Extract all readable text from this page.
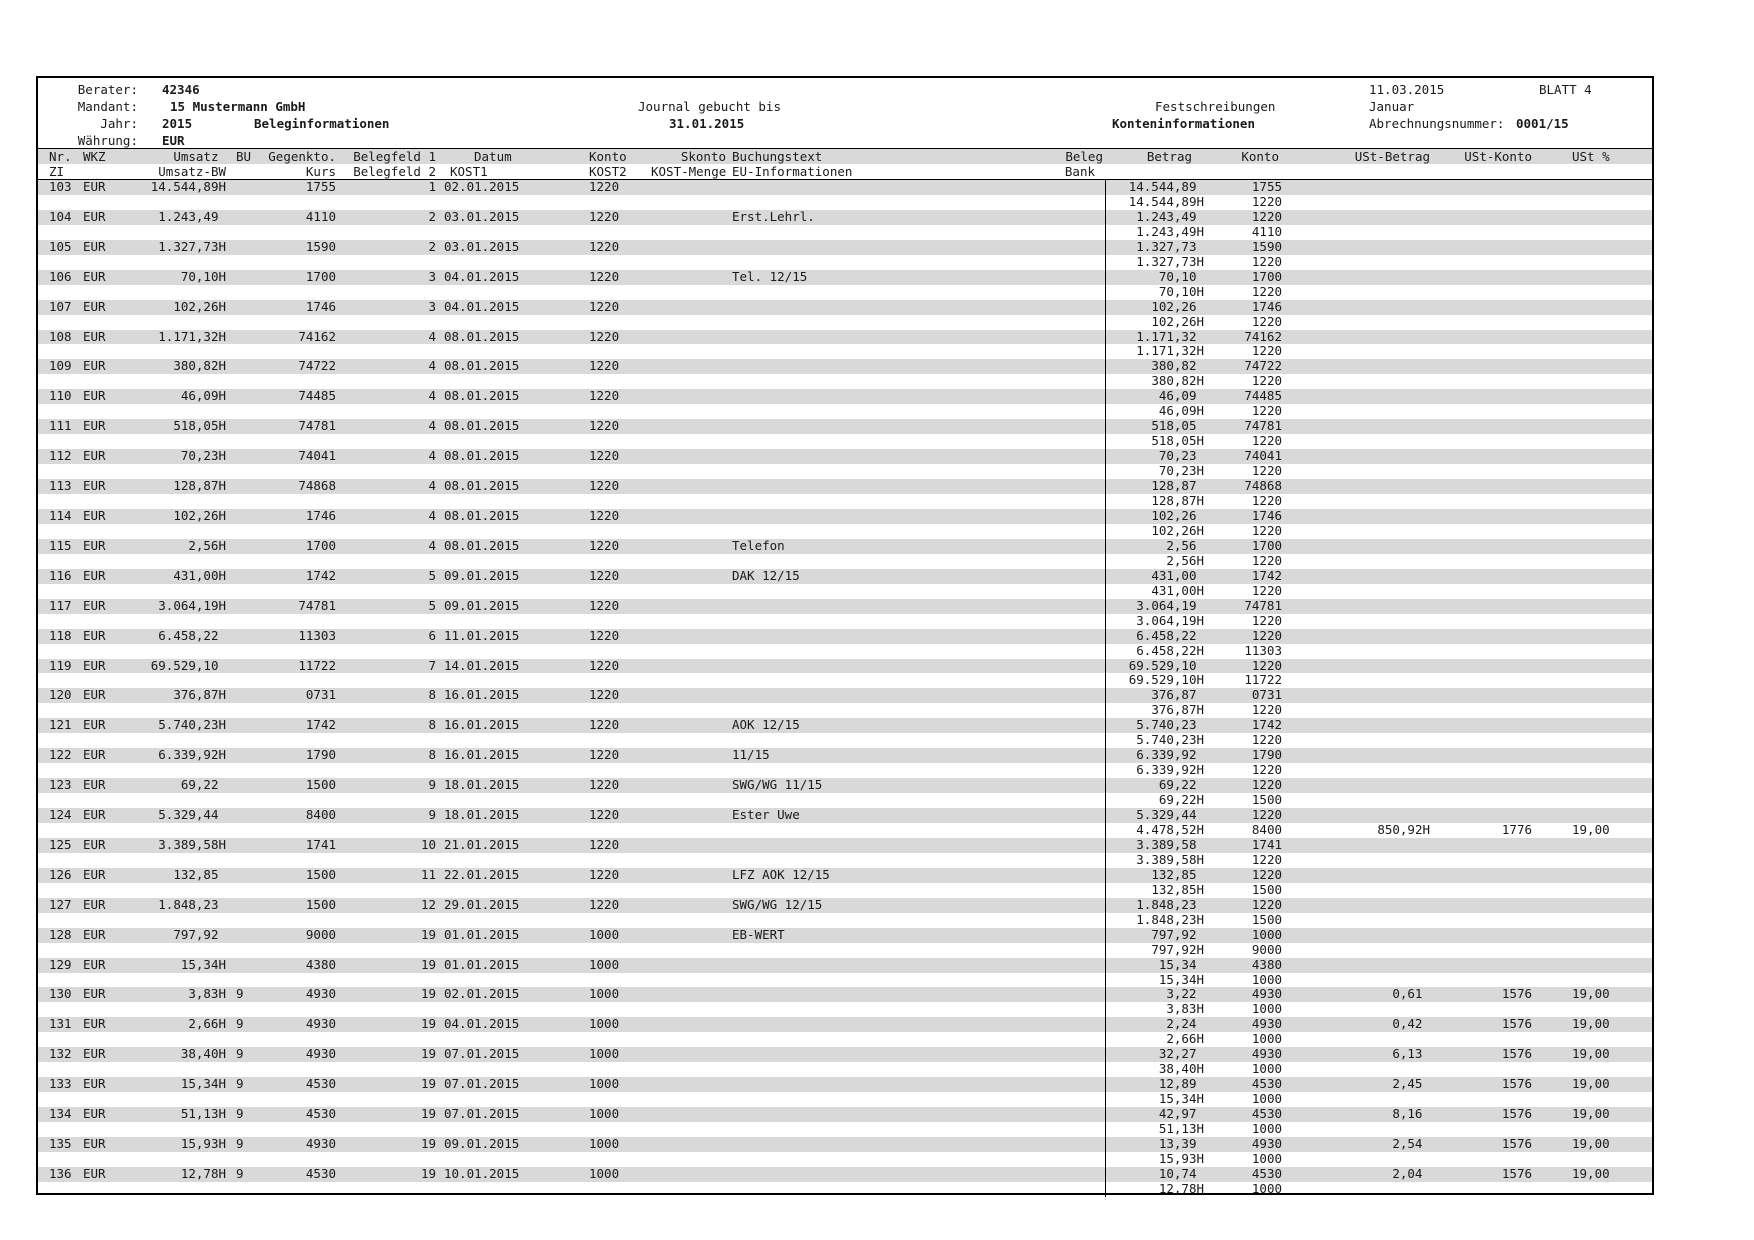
Berater:

42346

Mandant:

	15 Mustermann GmbH

Jahr:

2015

	Beleginformationen

Währung:

EUR

Journal gebucht bis

31.01.2015

Festschreibungen

Konteninformationen

11.03.2015

	BLATT 4

Januar

Abrechnungsnummer:

0001/15

Nr.	WKZ	Umsatz	BU	Gegenkto.	Belegfeld 1	Datum	Konto	Skonto	Buchungstext	Beleg	Betrag	Konto	USt-Betrag	USt-Konto	USt %
ZI		Umsatz-BW		Kurs	Belegfeld 2	KOST1	KOST2	KOST-Menge	EU-Informationen	Bank					
103	EUR	14.544,89H		1755	1	02.01.2015	1220				14.544,89	1755			
											14.544,89H	1220			
104	EUR	1.243,49		4110	2	03.01.2015	1220		Erst.Lehrl.		1.243,49	1220			
											1.243,49H	4110			
105	EUR	1.327,73H		1590	2	03.01.2015	1220				1.327,73	1590			
											1.327,73H	1220			
106	EUR	70,10H		1700	3	04.01.2015	1220		Tel. 12/15		70,10	1700			
											70,10H	1220			
107	EUR	102,26H		1746	3	04.01.2015	1220				102,26	1746			
											102,26H	1220			
108	EUR	1.171,32H		74162	4	08.01.2015	1220				1.171,32	74162			
											1.171,32H	1220			
109	EUR	380,82H		74722	4	08.01.2015	1220				380,82	74722			
											380,82H	1220			
110	EUR	46,09H		74485	4	08.01.2015	1220				46,09	74485			
											46,09H	1220			
111	EUR	518,05H		74781	4	08.01.2015	1220				518,05	74781			
											518,05H	1220			
112	EUR	70,23H		74041	4	08.01.2015	1220				70,23	74041			
											70,23H	1220			
113	EUR	128,87H		74868	4	08.01.2015	1220				128,87	74868			
											128,87H	1220			
114	EUR	102,26H		1746	4	08.01.2015	1220				102,26	1746			
											102,26H	1220			
115	EUR	2,56H		1700	4	08.01.2015	1220		Telefon		2,56	1700			
											2,56H	1220			
116	EUR	431,00H		1742	5	09.01.2015	1220		DAK 12/15		431,00	1742			
											431,00H	1220			
117	EUR	3.064,19H		74781	5	09.01.2015	1220				3.064,19	74781			
											3.064,19H	1220			
118	EUR	6.458,22		11303	6	11.01.2015	1220				6.458,22	1220			
											6.458,22H	11303			
119	EUR	69.529,10		11722	7	14.01.2015	1220				69.529,10	1220			
											69.529,10H	11722			
120	EUR	376,87H		0731	8	16.01.2015	1220				376,87	0731			
											376,87H	1220			
121	EUR	5.740,23H		1742	8	16.01.2015	1220		AOK 12/15		5.740,23	1742			
											5.740,23H	1220			
122	EUR	6.339,92H		1790	8	16.01.2015	1220		11/15		6.339,92	1790			
											6.339,92H	1220			
123	EUR	69,22		1500	9	18.01.2015	1220		SWG/WG 11/15		69,22	1220			
											69,22H	1500			
124	EUR	5.329,44		8400	9	18.01.2015	1220		Ester Uwe		5.329,44	1220			
											4.478,52H	8400	850,92H	1776	19,00
125	EUR	3.389,58H		1741	10	21.01.2015	1220				3.389,58	1741			
											3.389,58H	1220			
126	EUR	132,85		1500	11	22.01.2015	1220		LFZ AOK 12/15		132,85	1220			
											132,85H	1500			
127	EUR	1.848,23		1500	12	29.01.2015	1220		SWG/WG 12/15		1.848,23	1220			
											1.848,23H	1500			
128	EUR	797,92		9000	19	01.01.2015	1000		EB-WERT		797,92	1000			
											797,92H	9000			
129	EUR	15,34H		4380	19	01.01.2015	1000				15,34	4380			
											15,34H	1000			
130	EUR	3,83H	9	4930	19	02.01.2015	1000				3,22	4930	0,61	1576	19,00
											3,83H	1000			
131	EUR	2,66H	9	4930	19	04.01.2015	1000				2,24	4930	0,42	1576	19,00
											2,66H	1000			
132	EUR	38,40H	9	4930	19	07.01.2015	1000				32,27	4930	6,13	1576	19,00
											38,40H	1000			
133	EUR	15,34H	9	4530	19	07.01.2015	1000				12,89	4530	2,45	1576	19,00
											15,34H	1000			
134	EUR	51,13H	9	4530	19	07.01.2015	1000				42,97	4530	8,16	1576	19,00
											51,13H	1000			
135	EUR	15,93H	9	4930	19	09.01.2015	1000				13,39	4930	2,54	1576	19,00
											15,93H	1000			
136	EUR	12,78H	9	4530	19	10.01.2015	1000				10,74	4530	2,04	1576	19,00
											12,78H	1000			
